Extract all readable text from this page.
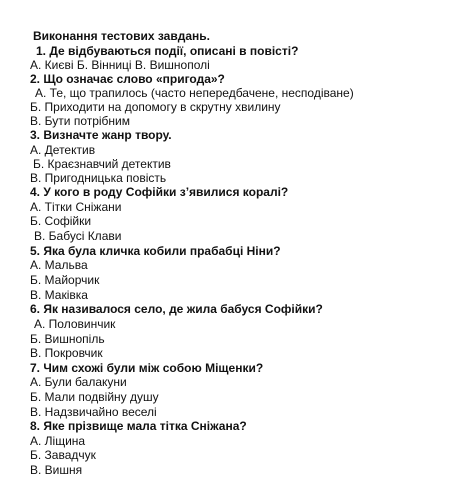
Виконання тестових завдань.
1. Де відбуваються події, описані в повісті?
А. Києві Б. Вінниці В. Вишнополі
2. Що означає слово «пригода»?
А. Те, що трапилось (часто непередбачене, несподіване)
Б. Приходити на допомогу в скрутну хвилину
В. Бути потрібним
3. Визначте жанр твору.
А. Детектив
Б. Краєзнавчий детектив
В. Пригодницька повість
4. У кого в роду Софійки з’явилися коралі?
А. Тітки Сніжани
Б. Софійки
В. Бабусі Клави
5. Яка була кличка кобили прабабці Ніни?
А. Мальва
Б. Майорчик
В. Маківка
6. Як називалося село, де жила бабуся Софійки?
А. Половинчик
Б. Вишнопіль
В. Покровчик
7. Чим схожі були між собою Міщенки?
А. Були балакуни
Б. Мали подвійну душу
В. Надзвичайно веселі
8. Яке прізвище мала тітка Сніжана?
А. Ліщина
Б. Завадчук
В. Вишня
